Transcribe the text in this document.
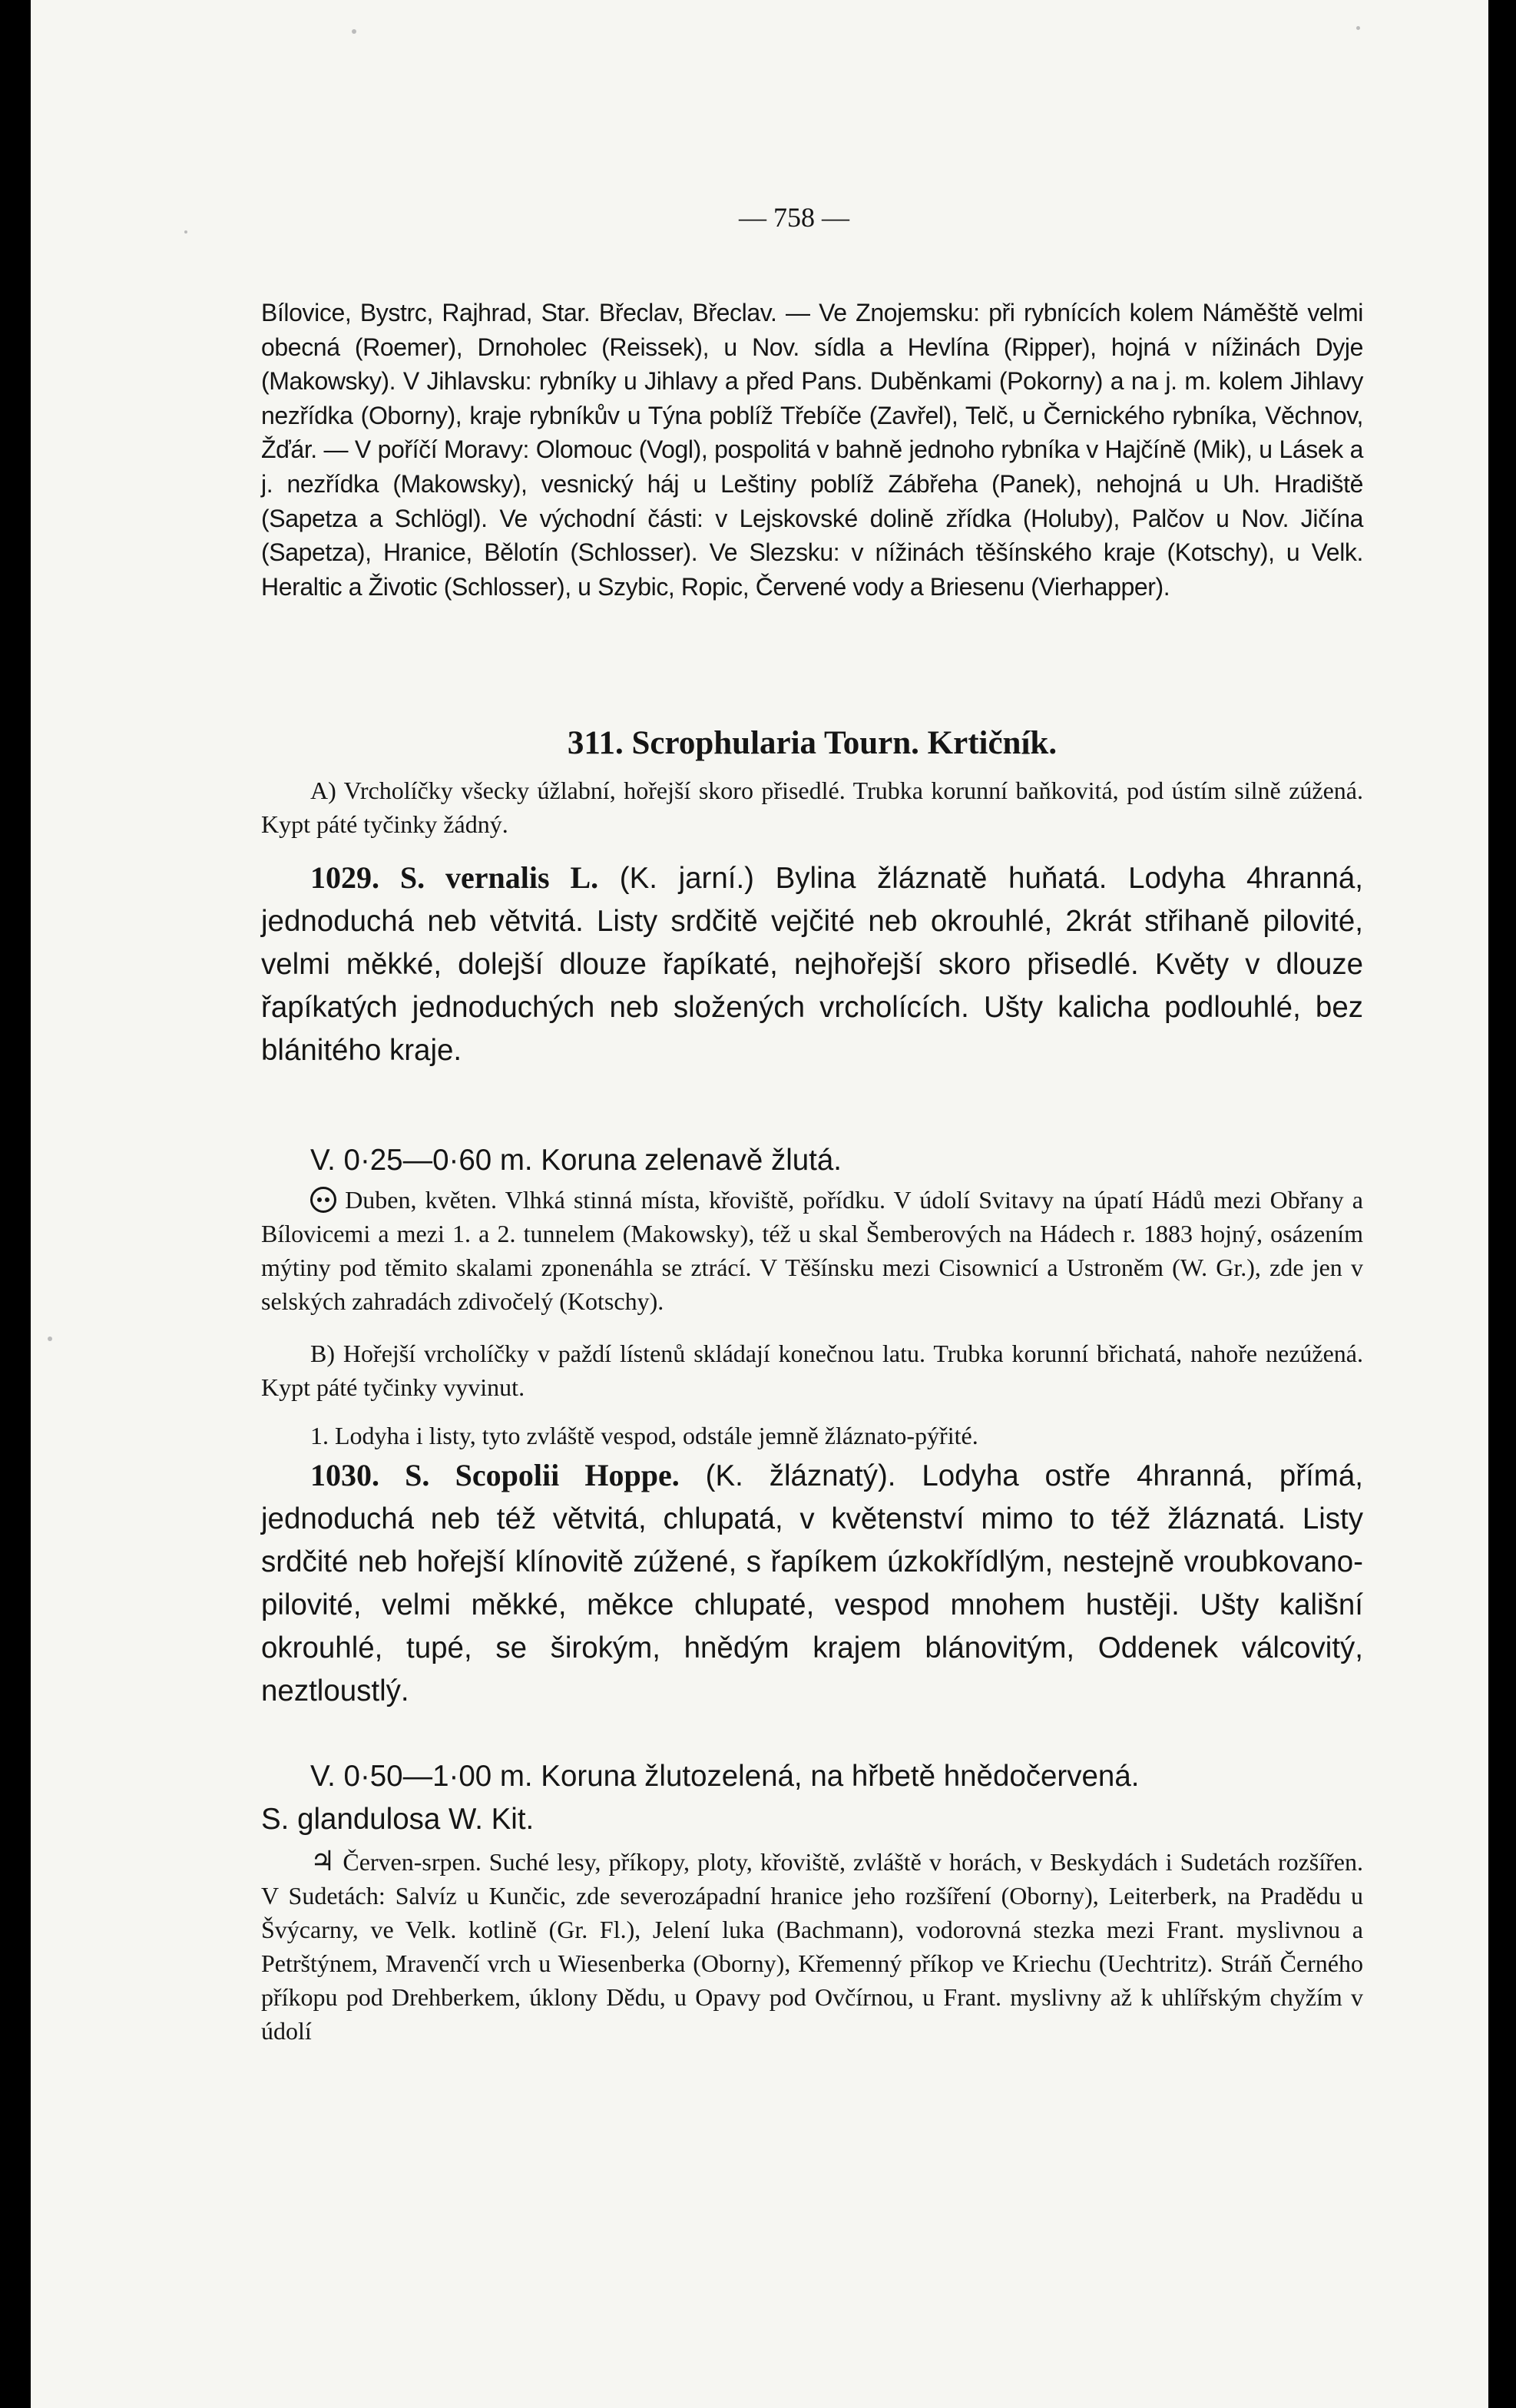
— 758 —

Bílovice, Bystrc, Rajhrad, Star. Břeclav, Břeclav. — Ve Znojemsku: při rybnících kolem Náměště velmi obecná (Roemer), Drnoholec (Reissek), u Nov. sídla a Hevlína (Ripper), hojná v nížinách Dyje (Makowsky). V Jihlavsku: rybníky u Jihlavy a před Pans. Duběnkami (Pokorny) a na j. m. kolem Jihlavy nezřídka (Oborny), kraje rybníkův u Týna poblíž Třebíče (Zavřel), Telč, u Černického rybníka, Věchnov, Žďár. — V poříčí Moravy: Olomouc (Vogl), pospolitá v bahně jednoho rybníka v Hajčíně (Mik), u Lásek a j. nezřídka (Makowsky), vesnický háj u Leštiny poblíž Zábřeha (Panek), nehojná u Uh. Hradiště (Sapetza a Schlögl). Ve východní části: v Lejskovské dolině zřídka (Holuby), Palčov u Nov. Jičína (Sapetza), Hranice, Bělotín (Schlosser). Ve Slezsku: v nížinách těšínského kraje (Kotschy), u Velk. Heraltic a Životic (Schlosser), u Szybic, Ropic, Červené vody a Briesenu (Vierhapper).

311. Scrophularia Tourn. Krtičník.

A) Vrcholíčky všecky úžlabní, hořejší skoro přisedlé. Trubka korunní baňkovitá, pod ústím silně zúžená. Kypt páté tyčinky žádný.

1029. S. vernalis L. (K. jarní.) Bylina žláznatě huňatá. Lodyha 4hranná, jednoduchá neb větvitá. Listy srdčitě vejčité neb okrouhlé, 2krát střihaně pilovité, velmi měkké, dolejší dlouze řapíkaté, nejhořejší skoro přisedlé. Květy v dlouze řapíkatých jednoduchých neb složených vrcholících. Ušty kalicha podlouhlé, bez blánitého kraje.

V. 0·25—0·60 m. Koruna zelenavě žlutá.

Duben, květen. Vlhká stinná místa, křoviště, pořídku. V údolí Svitavy na úpatí Hádů mezi Obřany a Bílovicemi a mezi 1. a 2. tunnelem (Makowsky), též u skal Šemberových na Hádech r. 1883 hojný, osázením mýtiny pod těmito skalami zponenáhla se ztrácí. V Těšínsku mezi Cisownicí a Ustroněm (W. Gr.), zde jen v selských zahradách zdivočelý (Kotschy).

B) Hořejší vrcholíčky v paždí lístenů skládají konečnou latu. Trubka korunní břichatá, nahoře nezúžená. Kypt páté tyčinky vyvinut.

1. Lodyha i listy, tyto zvláště vespod, odstále jemně žláznato-pýřité.

1030. S. Scopolii Hoppe. (K. žláznatý). Lodyha ostře 4hranná, přímá, jednoduchá neb též větvitá, chlupatá, v květenství mimo to též žláznatá. Listy srdčité neb hořejší klínovitě zúžené, s řapíkem úzkokřídlým, nestejně vroubkovano-pilovité, velmi měkké, měkce chlupaté, vespod mnohem hustěji. Ušty kališní okrouhlé, tupé, se širokým, hnědým krajem blánovitým, Oddenek válcovitý, neztloustlý.

V. 0·50—1·00 m. Koruna žlutozelená, na hřbetě hnědočervená.

S. glandulosa W. Kit.

♃ Červen-srpen. Suché lesy, příkopy, ploty, křoviště, zvláště v horách, v Beskydách i Sudetách rozšířen. V Sudetách: Salvíz u Kunčic, zde severozápadní hranice jeho rozšíření (Oborny), Leiterberk, na Pradědu u Švýcarny, ve Velk. kotlině (Gr. Fl.), Jelení luka (Bachmann), vodorovná stezka mezi Frant. myslivnou a Petrštýnem, Mravenčí vrch u Wiesenberka (Oborny), Křemenný příkop ve Kriechu (Uechtritz). Stráň Černého příkopu pod Drehberkem, úklony Dědu, u Opavy pod Ovčírnou, u Frant. myslivny až k uhlířským chyžím v údolí
